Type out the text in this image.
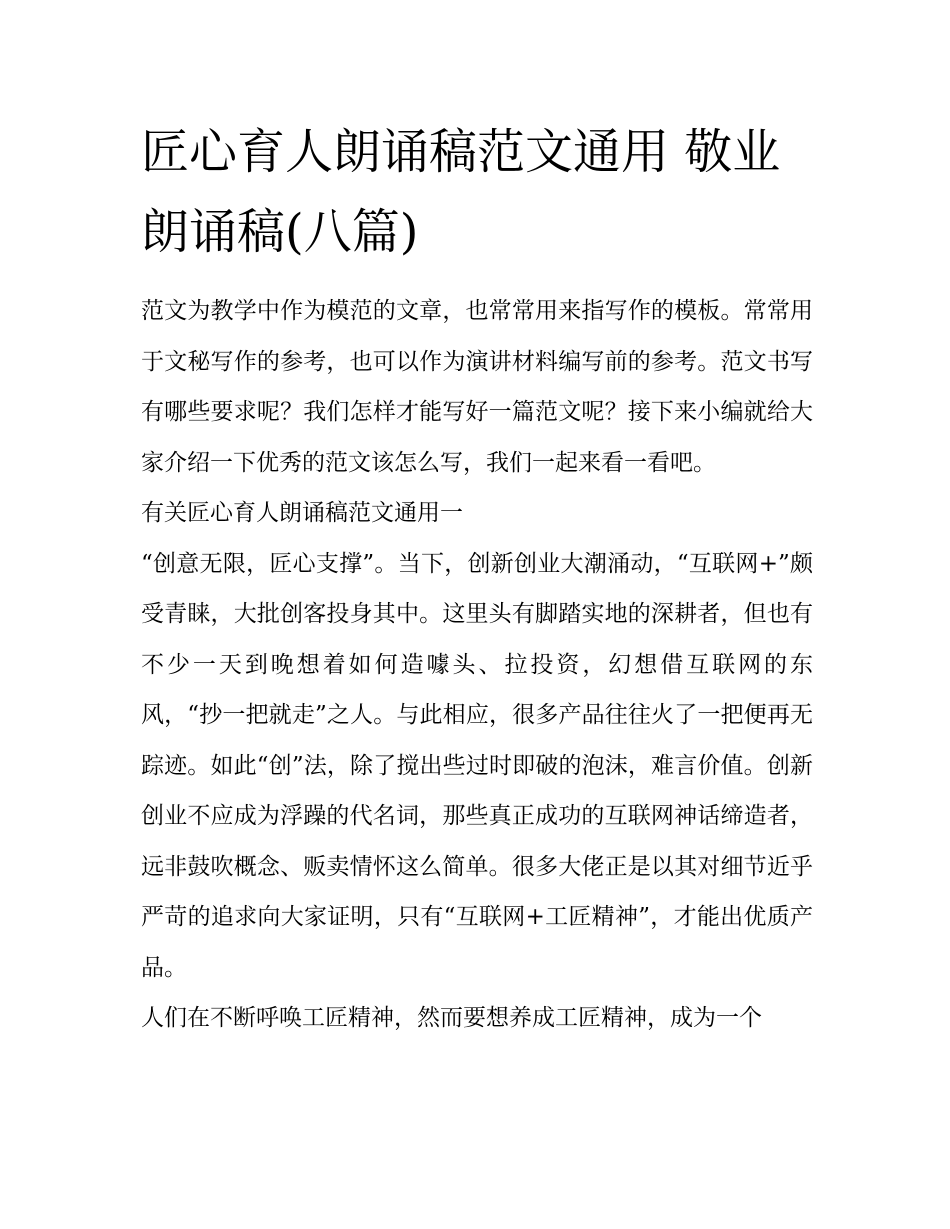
匠心育人朗诵稿范文通用 敬业朗诵稿(八篇)

范文为教学中作为模范的文章，也常常用来指写作的模板。常常用于文秘写作的参考，也可以作为演讲材料编写前的参考。范文书写有哪些要求呢？我们怎样才能写好一篇范文呢？接下来小编就给大家介绍一下优秀的范文该怎么写，我们一起来看一看吧。

有关匠心育人朗诵稿范文通用一

“创意无限，匠心支撑”。当下，创新创业大潮涌动，“互联网+”颇受青睐，大批创客投身其中。这里头有脚踏实地的深耕者，但也有不少一天到晚想着如何造噱头、拉投资，幻想借互联网的东风，“抄一把就走”之人。与此相应，很多产品往往火了一把便再无踪迹。如此“创”法，除了搅出些过时即破的泡沫，难言价值。创新创业不应成为浮躁的代名词，那些真正成功的互联网神话缔造者，远非鼓吹概念、贩卖情怀这么简单。很多大佬正是以其对细节近乎严苛的追求向大家证明，只有“互联网+工匠精神”，才能出优质产品。

人们在不断呼唤工匠精神，然而要想养成工匠精神，成为一个
